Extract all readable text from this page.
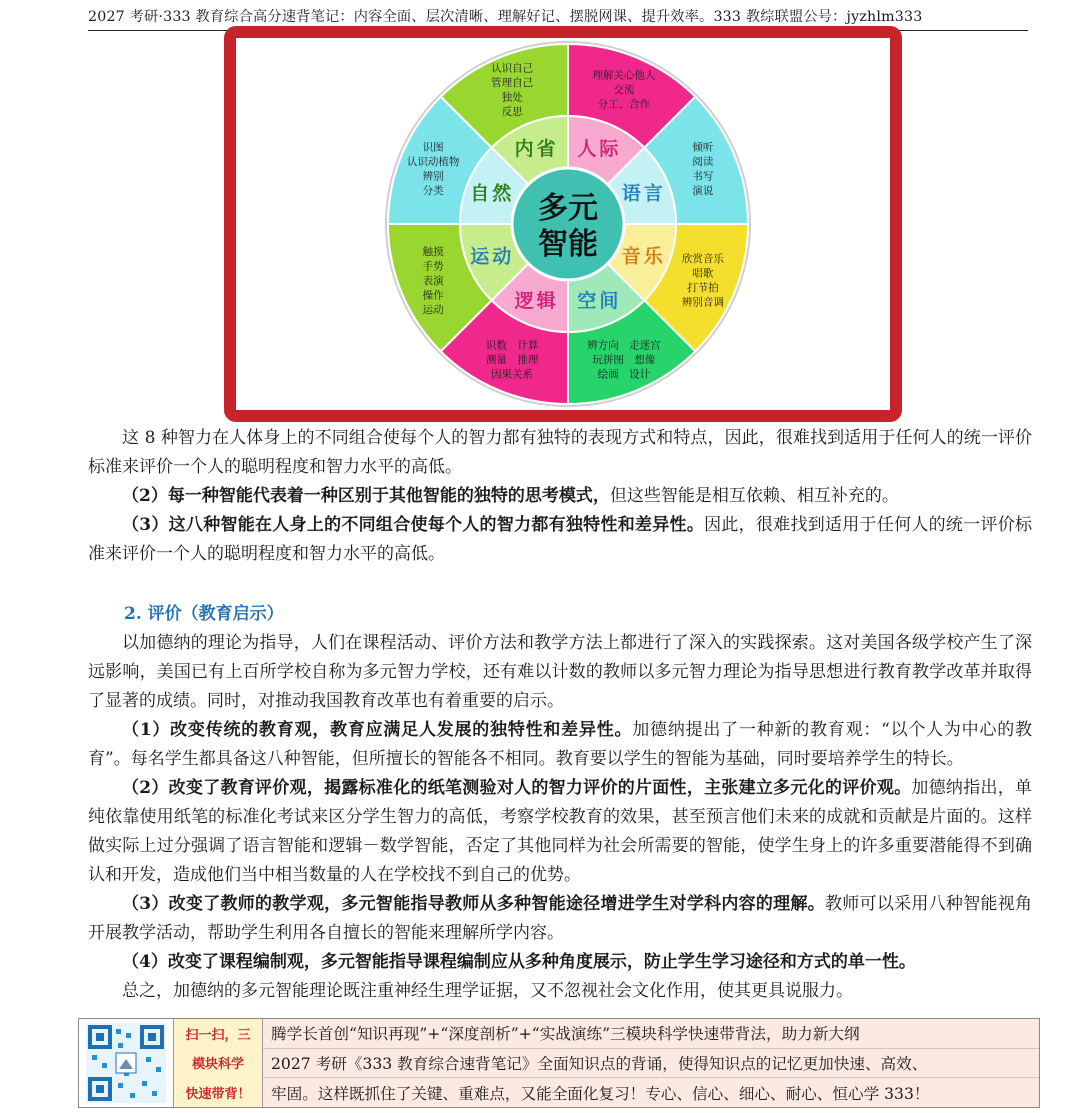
2027 考研·333 教育综合高分速背笔记：内容全面、层次清晰、理解好记、摆脱网课、提升效率。333 教综联盟公号：jyzhlm333
内省
认识自己
管理自己
独处
反思
人际
理解关心他人
交流
分工、合作
语言
倾听
阅读
书写
演说
音乐 欣赏音乐
唱歌
打节拍
辨别音调
空间
辨方向　走迷宫
玩拼图　想像
绘画　设计
逻辑
识数　计算
测量　推理
因果关系
运动
触摸
手势
表演
操作
运动
自然
识图
认识动植物
辨别
分类
多元
智能

这 8 种智力在人体身上的不同组合使每个人的智力都有独特的表现方式和特点，因此，很难找到适用于任何人的统一评价标准来评价一个人的聪明程度和智力水平的高低。

（2）每一种智能代表着一种区别于其他智能的独特的思考模式，但这些智能是相互依赖、相互补充的。

（3）这八种智能在人身上的不同组合使每个人的智力都有独特性和差异性。因此，很难找到适用于任何人的统一评价标准来评价一个人的聪明程度和智力水平的高低。

2. 评价（教育启示）

以加德纳的理论为指导，人们在课程活动、评价方法和教学方法上都进行了深入的实践探索。这对美国各级学校产生了深远影响，美国已有上百所学校自称为多元智力学校，还有难以计数的教师以多元智力理论为指导思想进行教育教学改革并取得了显著的成绩。同时，对推动我国教育改革也有着重要的启示。

（1）改变传统的教育观，教育应满足人发展的独特性和差异性。加德纳提出了一种新的教育观：“以个人为中心的教育”。每名学生都具备这八种智能，但所擅长的智能各不相同。教育要以学生的智能为基础，同时要培养学生的特长。

（2）改变了教育评价观，揭露标准化的纸笔测验对人的智力评价的片面性，主张建立多元化的评价观。加德纳指出，单纯依靠使用纸笔的标准化考试来区分学生智力的高低，考察学校教育的效果，甚至预言他们未来的成就和贡献是片面的。这样做实际上过分强调了语言智能和逻辑－数学智能，否定了其他同样为社会所需要的智能，使学生身上的许多重要潜能得不到确认和开发，造成他们当中相当数量的人在学校找不到自己的优势。

（3）改变了教师的教学观，多元智能指导教师从多种智能途径增进学生对学科内容的理解。教师可以采用八种智能视角开展教学活动，帮助学生利用各自擅长的智能来理解所学内容。

（4）改变了课程编制观，多元智能指导课程编制应从多种角度展示，防止学生学习途径和方式的单一性。

总之，加德纳的多元智能理论既注重神经生理学证据，又不忽视社会文化作用，使其更具说服力。

扫一扫，三
模块科学
快速带背！
腾学长首创“知识再现”+“深度剖析”+“实战演练”三模块科学快速带背法，助力新大纲
2027 考研《333 教育综合速背笔记》全面知识点的背诵，使得知识点的记忆更加快速、高效、
牢固。这样既抓住了关键、重难点，又能全面化复习！专心、信心、细心、耐心、恒心学 333！
